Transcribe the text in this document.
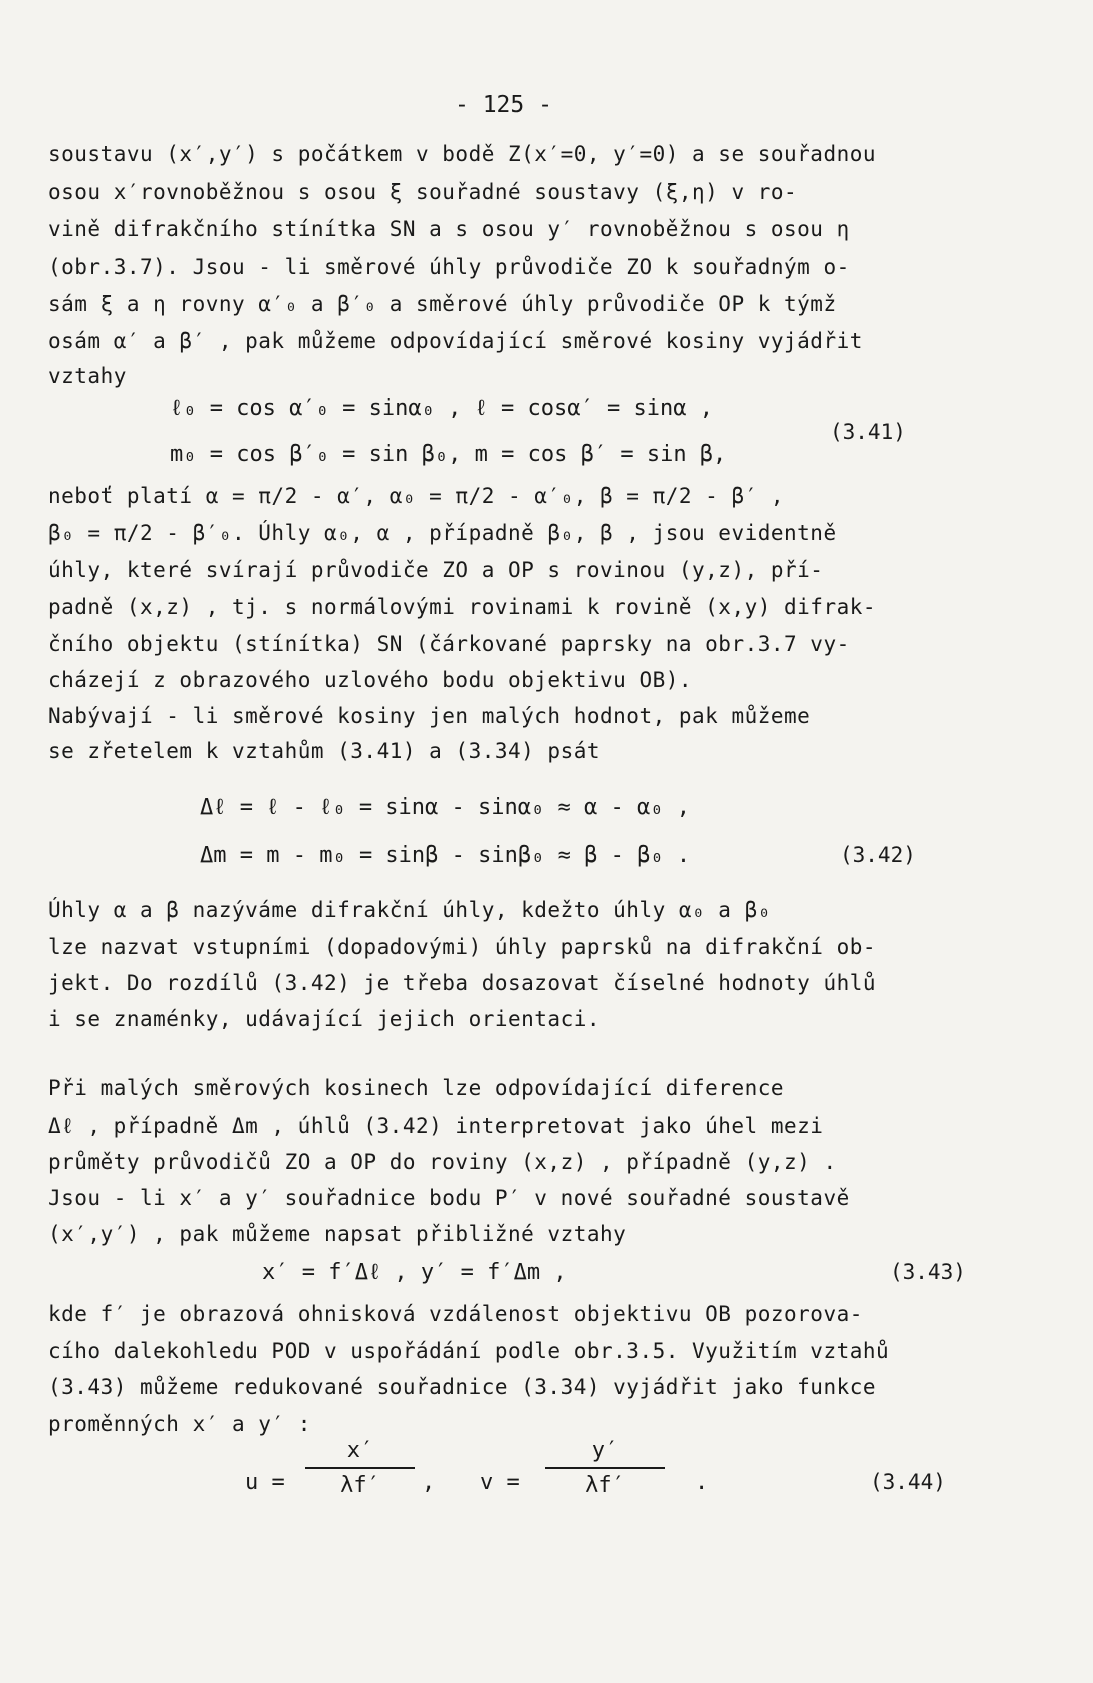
- 125 -
soustavu (x′,y′) s počátkem v bodě Z(x′=0, y′=0) a se souřadnou
osou x′rovnoběžnou s osou ξ souřadné soustavy (ξ,η) v ro-
vině difrakčního stínítka SN a s osou y′ rovnoběžnou s osou η
(obr.3.7). Jsou - li směrové úhly průvodiče ZO k souřadným o-
sám ξ a η rovny α′₀ a β′₀ a směrové úhly průvodiče OP k týmž
osám α′ a β′ , pak můžeme odpovídající směrové kosiny vyjádřit
vztahy
ℓ₀ = cos α′₀ = sinα₀ , ℓ = cosα′ = sinα ,
m₀ = cos β′₀ = sin β₀, m = cos β′ = sin β,
(3.41)
neboť platí α = π/2 - α′, α₀ = π/2 - α′₀, β = π/2 - β′ ,
β₀ = π/2 - β′₀. Úhly α₀, α , případně β₀, β , jsou evidentně
úhly, které svírají průvodiče ZO a OP s rovinou (y,z), pří-
padně (x,z) , tj. s normálovými rovinami k rovině (x,y) difrak-
čního objektu (stínítka) SN (čárkované paprsky na obr.3.7 vy-
cházejí z obrazového uzlového bodu objektivu OB).
Nabývají - li směrové kosiny jen malých hodnot, pak můžeme
se zřetelem k vztahům (3.41) a (3.34) psát
Δℓ = ℓ - ℓ₀ = sinα - sinα₀ ≈ α - α₀ ,
Δm = m - m₀ = sinβ - sinβ₀ ≈ β - β₀ .	(3.42)
Úhly α a β nazýváme difrakční úhly, kdežto úhly α₀ a β₀
lze nazvat vstupními (dopadovými) úhly paprsků na difrakční ob-
jekt. Do rozdílů (3.42) je třeba dosazovat číselné hodnoty úhlů
i se znaménky, udávající jejich orientaci.
Při malých směrových kosinech lze odpovídající diference
Δℓ , případně Δm , úhlů (3.42) interpretovat jako úhel mezi
průměty průvodičů ZO a OP do roviny (x,z) , případně (y,z) .
Jsou - li x′ a y′ souřadnice bodu P′ v nové souřadné soustavě
(x′,y′) , pak můžeme napsat přibližné vztahy
x′ = f′Δℓ , y′ = f′Δm ,	(3.43)
kde f′ je obrazová ohnisková vzdálenost objektivu OB pozorova-
cího dalekohledu POD v uspořádání podle obr.3.5. Využitím vztahů
(3.43) můžeme redukované souřadnice (3.34) vyjádřit jako funkce
proměnných x′ a y′ :
u =
x′
λf′	, v =
y′
λf′	.	(3.44)
